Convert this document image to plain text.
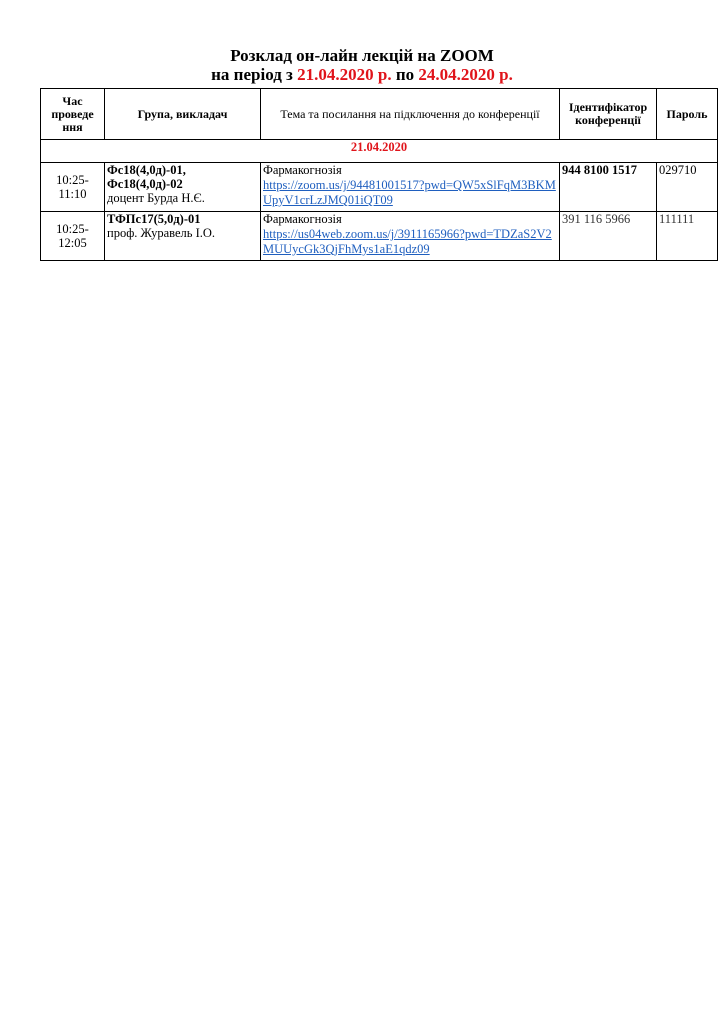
Розклад он-лайн лекцій на ZOOM
на період з 21.04.2020 р. по 24.04.2020 р.
Час проведе ння	Група, викладач	Тема та посилання на підключення до конференції	Ідентифікатор конференції	Пароль
21.04.2020				
10:25-11:10	Фс18(4,0д)-01,
Фс18(4,0д)-02
доцент Бурда Н.Є.	Фармакогнозія
https://zoom.us/j/94481001517?pwd=QW5xSlFqM3BKMUpyV1crLzJMQ01iQT09	944 8100 1517	029710
10:25-12:05	ТФПс17(5,0д)-01
проф. Журавель І.О.	Фармакогнозія
https://us04web.zoom.us/j/3911165966?pwd=TDZaS2V2MUUycGk3QjFhMys1aE1qdz09	391 116 5966	111111
